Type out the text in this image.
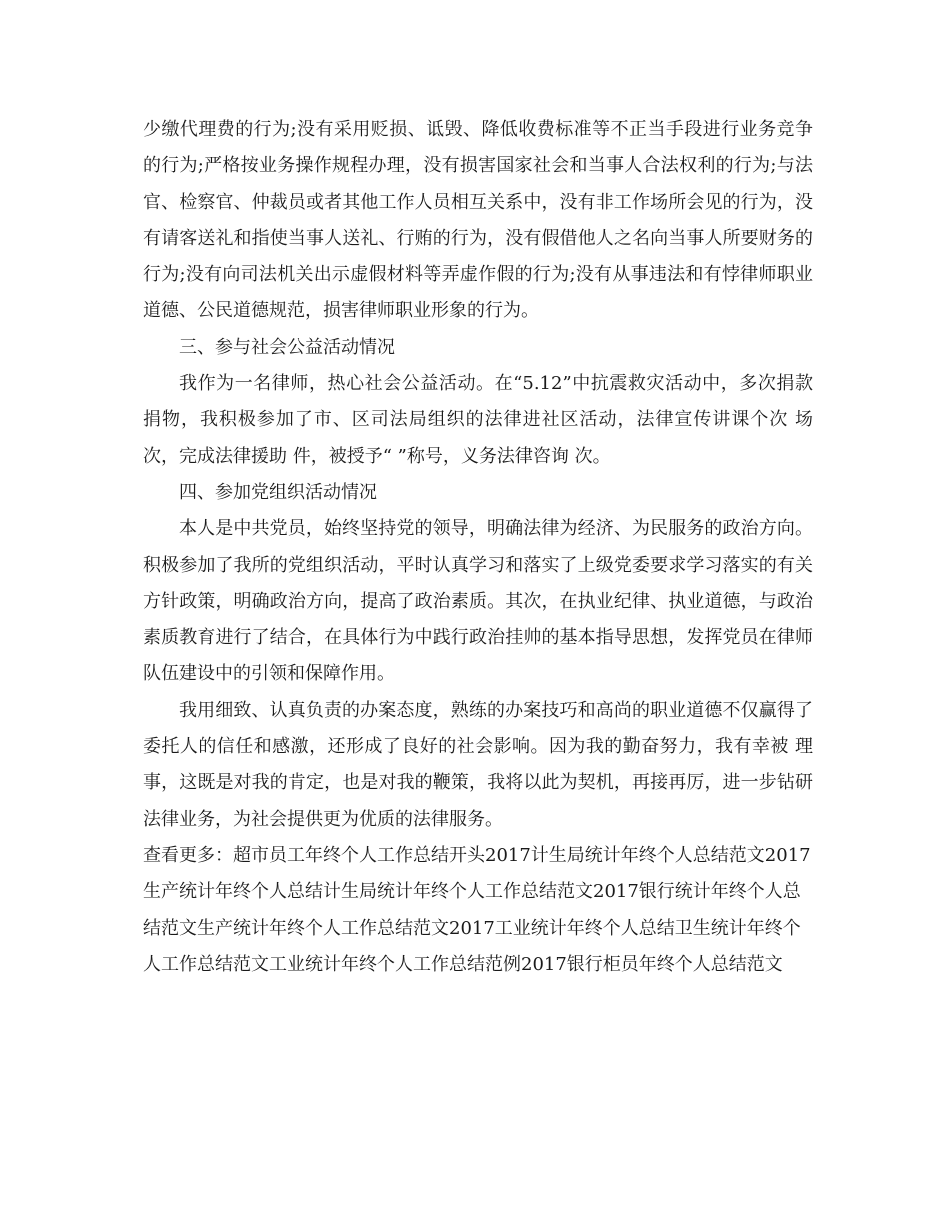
少缴代理费的行为;没有采用贬损、诋毁、降低收费标准等不正当手段进行业务竞争的行为;严格按业务操作规程办理，没有损害国家社会和当事人合法权利的行为;与法官、检察官、仲裁员或者其他工作人员相互关系中，没有非工作场所会见的行为，没有请客送礼和指使当事人送礼、行贿的行为，没有假借他人之名向当事人所要财务的行为;没有向司法机关出示虚假材料等弄虚作假的行为;没有从事违法和有悖律师职业道德、公民道德规范，损害律师职业形象的行为。

三、参与社会公益活动情况

我作为一名律师，热心社会公益活动。在“5.12”中抗震救灾活动中，多次捐款捐物，我积极参加了市、区司法局组织的法律进社区活动，法律宣传讲课个次 场次，完成法律援助 件，被授予“ ”称号，义务法律咨询 次。

四、参加党组织活动情况

本人是中共党员，始终坚持党的领导，明确法律为经济、为民服务的政治方向。积极参加了我所的党组织活动，平时认真学习和落实了上级党委要求学习落实的有关方针政策，明确政治方向，提高了政治素质。其次，在执业纪律、执业道德，与政治素质教育进行了结合，在具体行为中践行政治挂帅的基本指导思想，发挥党员在律师队伍建设中的引领和保障作用。

我用细致、认真负责的办案态度，熟练的办案技巧和高尚的职业道德不仅赢得了委托人的信任和感激，还形成了良好的社会影响。因为我的勤奋努力，我有幸被 理事，这既是对我的肯定，也是对我的鞭策，我将以此为契机，再接再厉，进一步钻研法律业务，为社会提供更为优质的法律服务。

查看更多：超市员工年终个人工作总结开头2017计生局统计年终个人总结范文2017生产统计年终个人总结计生局统计年终个人工作总结范文2017银行统计年终个人总结范文生产统计年终个人工作总结范文2017工业统计年终个人总结卫生统计年终个人工作总结范文工业统计年终个人工作总结范例2017银行柜员年终个人总结范文
